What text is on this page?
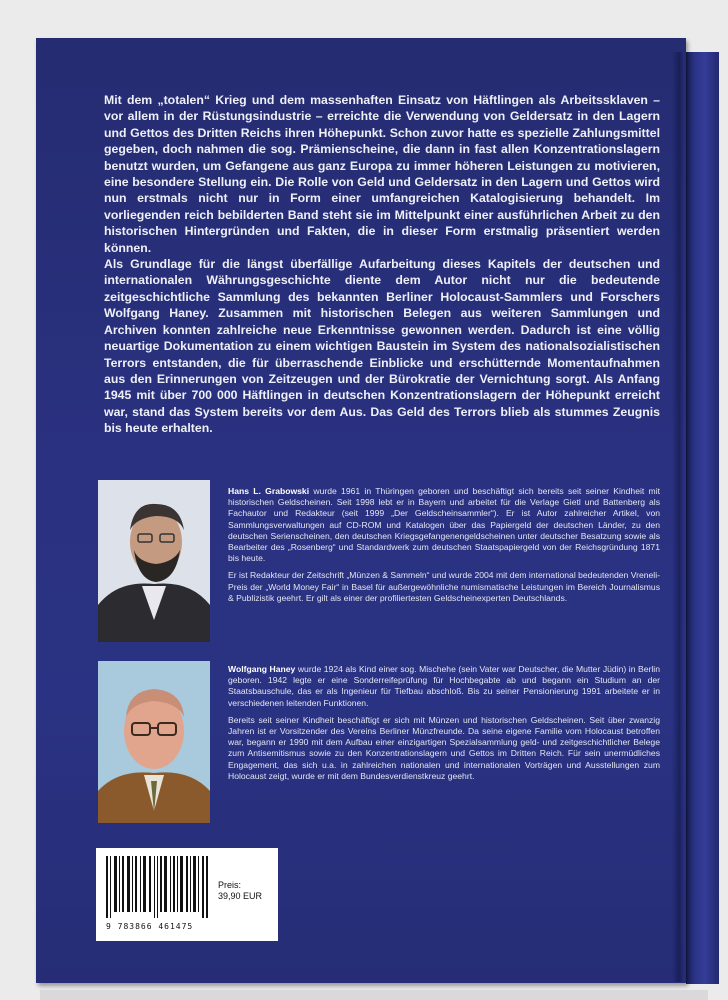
Mit dem „totalen“ Krieg und dem massenhaften Einsatz von Häftlingen als Arbeitssklaven – vor allem in der Rüstungsindustrie – erreichte die Verwendung von Geldersatz in den Lagern und Gettos des Dritten Reichs ihren Höhepunkt. Schon zuvor hatte es spezielle Zahlungsmittel gegeben, doch nahmen die sog. Prämienscheine, die dann in fast allen Konzentrationslagern benutzt wurden, um Gefangene aus ganz Europa zu immer höheren Leistungen zu motivieren, eine besondere Stellung ein. Die Rolle von Geld und Geldersatz in den Lagern und Gettos wird nun erstmals nicht nur in Form einer umfangreichen Katalogisierung behandelt. Im vorliegenden reich bebilderten Band steht sie im Mittelpunkt einer ausführlichen Arbeit zu den historischen Hintergründen und Fakten, die in dieser Form erstmalig präsentiert werden können.

Als Grundlage für die längst überfällige Aufarbeitung dieses Kapitels der deutschen und internationalen Währungsgeschichte diente dem Autor nicht nur die bedeutende zeitgeschichtliche Sammlung des bekannten Berliner Holocaust-Sammlers und Forschers Wolfgang Haney. Zusammen mit historischen Belegen aus weiteren Sammlungen und Archiven konnten zahlreiche neue Erkenntnisse gewonnen werden. Dadurch ist eine völlig neuartige Dokumentation zu einem wichtigen Baustein im System des nationalsozialistischen Terrors entstanden, die für überraschende Einblicke und erschütternde Momentaufnahmen aus den Erinnerungen von Zeitzeugen und der Bürokratie der Vernichtung sorgt. Als Anfang 1945 mit über 700 000 Häftlingen in deutschen Konzentrationslagern der Höhepunkt erreicht war, stand das System bereits vor dem Aus. Das Geld des Terrors blieb als stummes Zeugnis bis heute erhalten.

Hans L. Grabowski wurde 1961 in Thüringen geboren und beschäftigt sich bereits seit seiner Kindheit mit historischen Geldscheinen. Seit 1998 lebt er in Bayern und arbeitet für die Verlage Gietl und Battenberg als Fachautor und Redakteur (seit 1999 „Der Geldscheinsammler“). Er ist Autor zahlreicher Artikel, von Sammlungsverwaltungen auf CD-ROM und Katalogen über das Papiergeld der deutschen Länder, zu den deutschen Serienscheinen, den deutschen Kriegsgefangenengeldscheinen unter deutscher Besatzung sowie als Bearbeiter des „Rosenberg“ und Standardwerk zum deutschen Staatspapiergeld von der Reichsgründung 1871 bis heute.

Er ist Redakteur der Zeitschrift „Münzen & Sammeln“ und wurde 2004 mit dem international bedeutenden Vreneli-Preis der „World Money Fair“ in Basel für außergewöhnliche numismatische Leistungen im Bereich Journalismus & Publizistik geehrt. Er gilt als einer der profiliertesten Geldscheinexperten Deutschlands.

Wolfgang Haney wurde 1924 als Kind einer sog. Mischehe (sein Vater war Deutscher, die Mutter Jüdin) in Berlin geboren. 1942 legte er eine Sonderreifeprüfung für Hochbegabte ab und begann ein Studium an der Staatsbauschule, das er als Ingenieur für Tiefbau abschloß. Bis zu seiner Pensionierung 1991 arbeitete er in verschiedenen leitenden Funktionen.

Bereits seit seiner Kindheit beschäftigt er sich mit Münzen und historischen Geldscheinen. Seit über zwanzig Jahren ist er Vorsitzender des Vereins Berliner Münzfreunde. Da seine eigene Familie vom Holocaust betroffen war, begann er 1990 mit dem Aufbau einer einzigartigen Spezialsammlung geld- und zeitgeschichtlicher Belege zum Antisemitismus sowie zu den Konzentrationslagern und Gettos im Dritten Reich. Für sein unermüdliches Engagement, das sich u.a. in zahlreichen nationalen und internationalen Vorträgen und Ausstellungen zum Holocaust zeigt, wurde er mit dem Bundesverdienstkreuz geehrt.

9 783866 461475
Preis:
39,90 EUR
